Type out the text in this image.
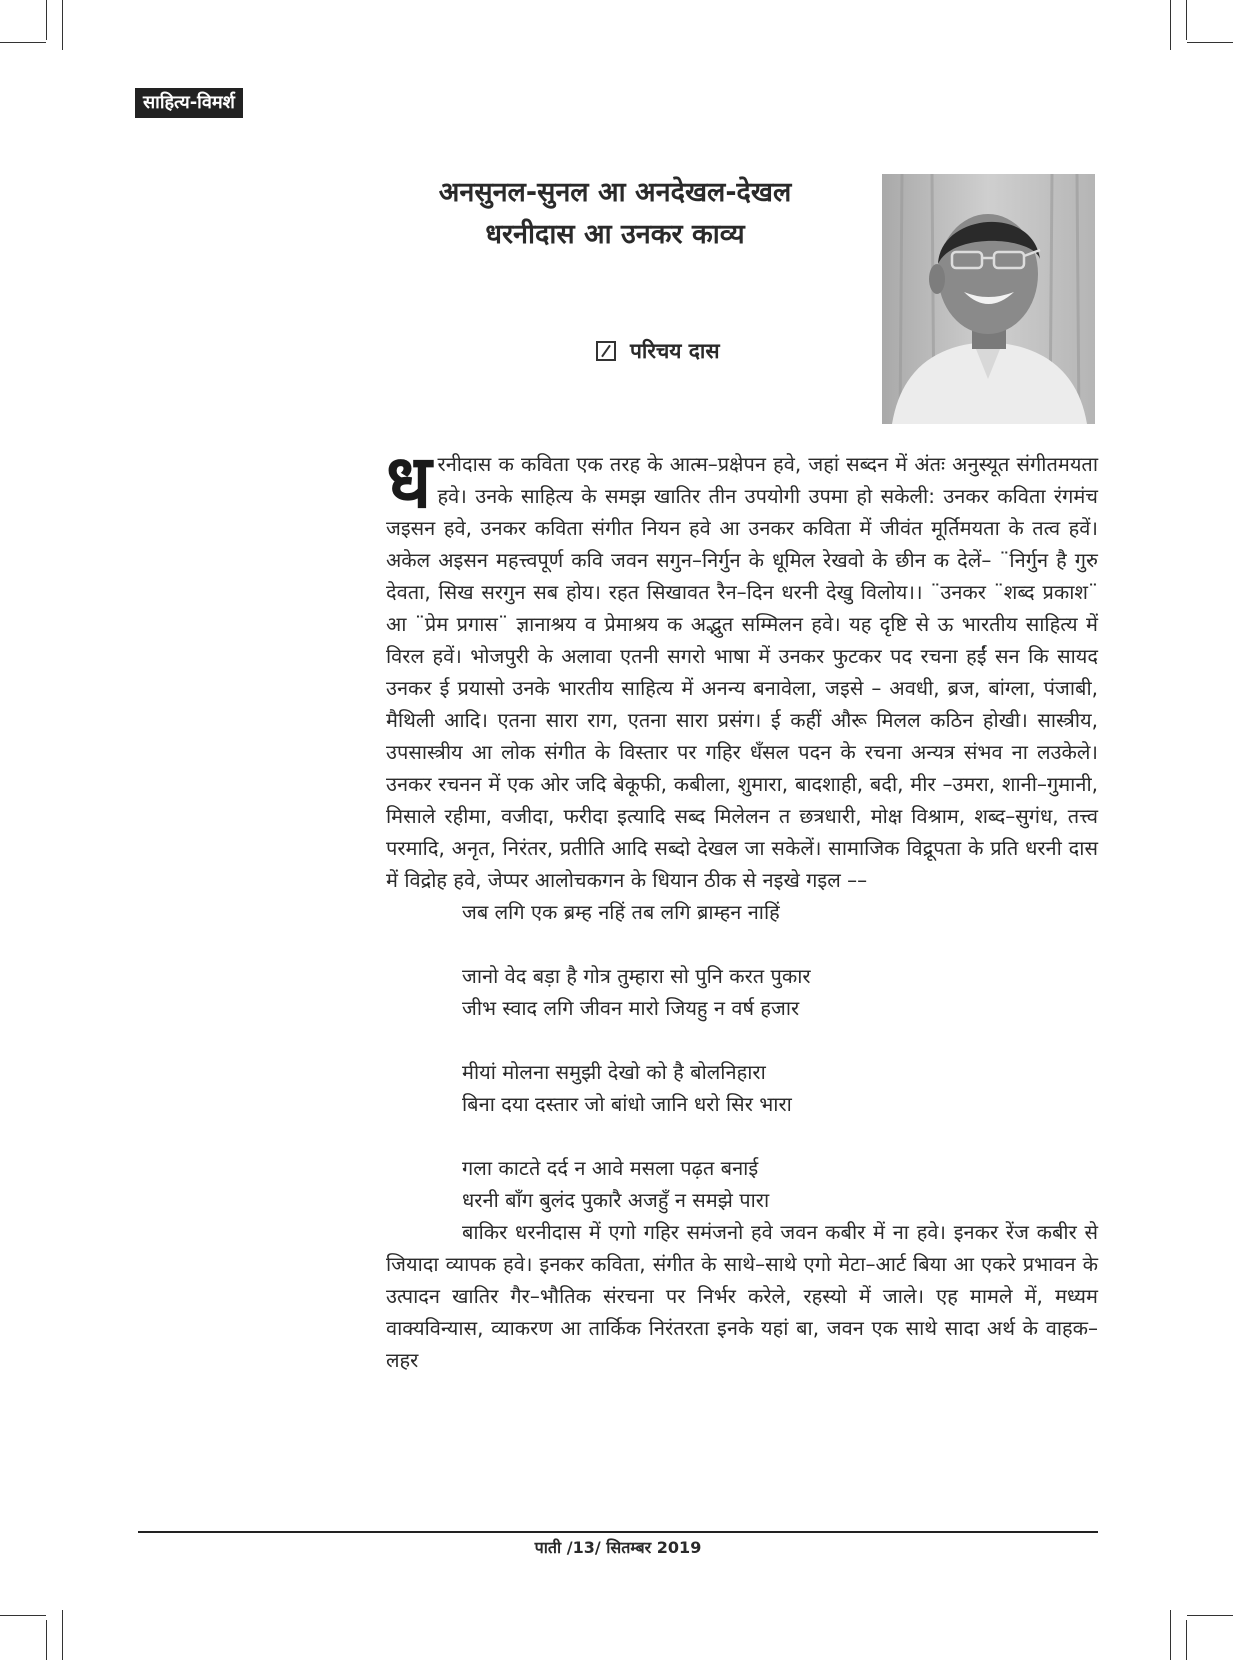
साहित्य-विमर्श
अनसुनल-सुनल आ अनदेखल-देखल
धरनीदास आ उनकर काव्य
परिचय दास

ध रनीदास क कविता एक तरह के आत्म–प्रक्षेपन हवे, जहां सब्दन में अंतः अनुस्यूत संगीतमयता हवे। उनके साहित्य के समझ खातिर तीन उपयोगी उपमा हो सकेली: उनकर कविता रंगमंच जइसन हवे, उनकर कविता संगीत नियन हवे आ उनकर कविता में जीवंत मूर्तिमयता के तत्व हवें। अकेल अइसन महत्त्वपूर्ण कवि जवन सगुन–निर्गुन के धूमिल रेखवो के छीन क देलें– ¨निर्गुन है गुरु देवता, सिख सरगुन सब होय। रहत सिखावत रैन–दिन धरनी देखु विलोय।। ¨उनकर ¨शब्द प्रकाश¨ आ ¨प्रेम प्रगास¨ ज्ञानाश्रय व प्रेमाश्रय क अद्भुत सम्मिलन हवे। यह दृष्टि से ऊ भारतीय साहित्य में विरल हवें। भोजपुरी के अलावा एतनी सगरो भाषा में उनकर फुटकर पद रचना हईं सन कि सायद उनकर ई प्रयासो उनके भारतीय साहित्य में अनन्य बनावेला, जइसे – अवधी, ब्रज, बांग्ला, पंजाबी, मैथिली आदि। एतना सारा राग, एतना सारा प्रसंग। ई कहीं औरू मिलल कठिन होखी। सास्त्रीय, उपसास्त्रीय आ लोक संगीत के विस्तार पर गहिर धँसल पदन के रचना अन्यत्र संभव ना लउकेले। उनकर रचनन में एक ओर जदि बेकूफी, कबीला, शुमारा, बादशाही, बदी, मीर –उमरा, शानी–गुमानी, मिसाले रहीमा, वजीदा, फरीदा इत्यादि सब्द मिलेलन त छत्रधारी, मोक्ष विश्राम, शब्द–सुगंध, तत्त्व परमादि, अनृत, निरंतर, प्रतीति आदि सब्दो देखल जा सकेलें। सामाजिक विद्रूपता के प्रति धरनी दास में विद्रोह हवे, जेप्पर आलोचकगन के धियान ठीक से नइखे गइल ––

जब लगि एक ब्रम्ह नहिं तब लगि ब्राम्हन नाहिं
जानो वेद बड़ा है गोत्र तुम्हारा सो पुनि करत पुकार
जीभ स्वाद लगि जीवन मारो जियहु न वर्ष हजार
मीयां मोलना समुझी देखो को है बोलनिहारा
बिना दया दस्तार जो बांधो जानि धरो सिर भारा
गला काटते दर्द न आवे मसला पढ़त बनाई
धरनी बाँग बुलंद पुकारै अजहुँ न समझे पारा

बाकिर धरनीदास में एगो गहिर समंजनो हवे जवन कबीर में ना हवे। इनकर रेंज कबीर से जियादा व्यापक हवे। इनकर कविता, संगीत के साथे–साथे एगो मेटा–आर्ट बिया आ एकरे प्रभावन के उत्पादन खातिर गैर–भौतिक संरचना पर निर्भर करेले, रहस्यो में जाले। एह मामले में, मध्यम वाक्यविन्यास, व्याकरण आ तार्किक निरंतरता इनके यहां बा, जवन एक साथे सादा अर्थ के वाहक–लहर

पाती /13/ सितम्बर 2019
